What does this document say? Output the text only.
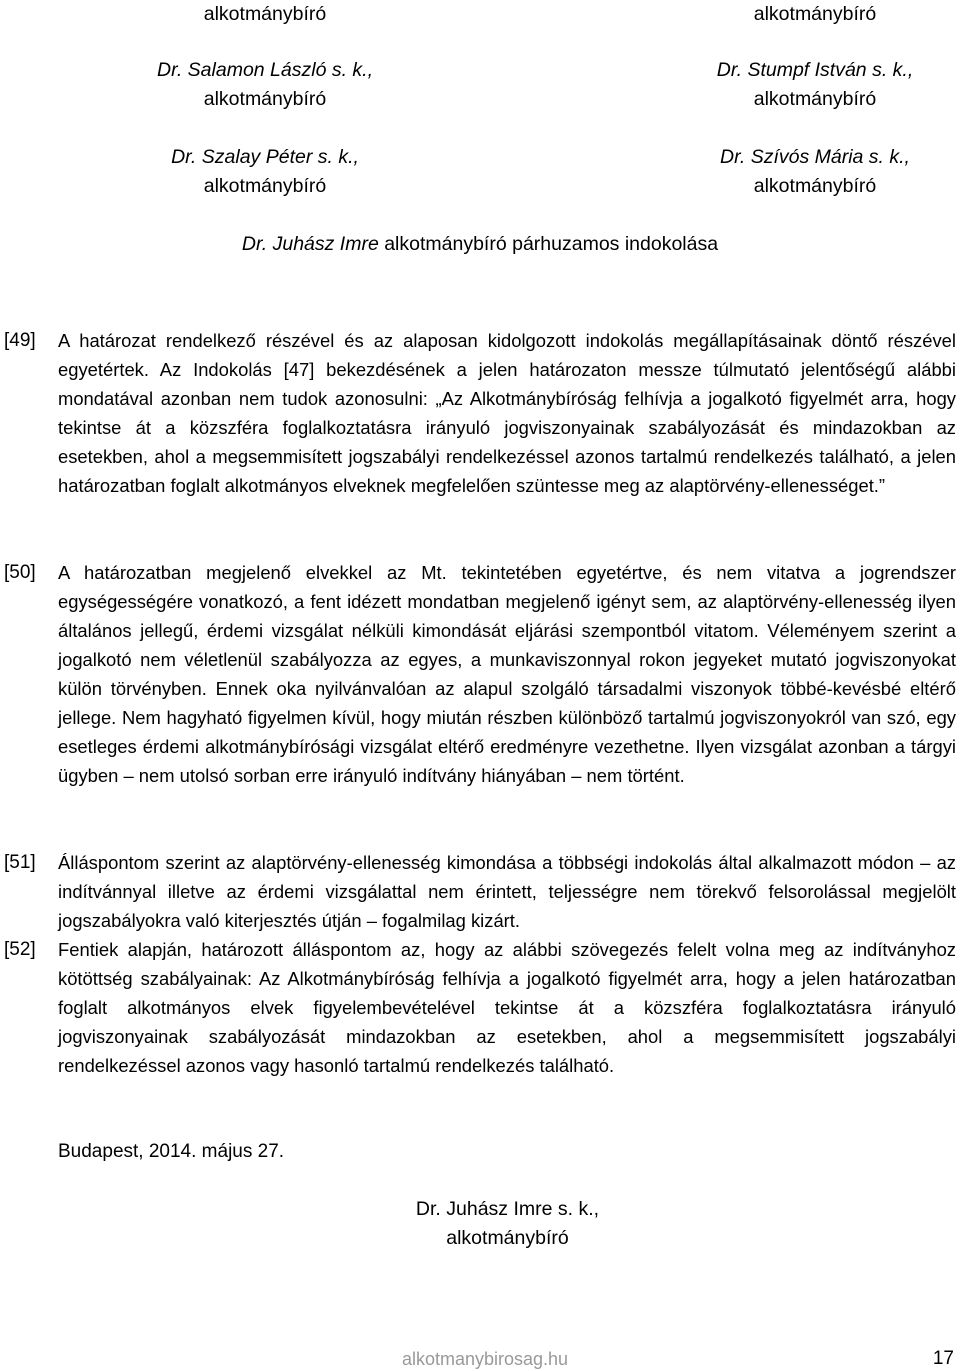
alkotmánybíró	alkotmánybíró
Dr. Salamon László s. k.,
alkotmánybíró
Dr. Stumpf István s. k.,
alkotmánybíró
Dr. Szalay Péter s. k.,
alkotmánybíró
Dr. Szívós Mária s. k.,
alkotmánybíró
Dr. Juhász Imre alkotmánybíró párhuzamos indokolása
[49]	A határozat rendelkező részével és az alaposan kidolgozott indokolás megállapításainak döntő részével egyetértek. Az Indokolás [47] bekezdésének a jelen határozaton messze túlmutató jelentőségű alábbi mondatával azonban nem tudok azonosulni: „Az Alkotmánybíróság felhívja a jogalkotó figyelmét arra, hogy tekintse át a közszféra foglalkoztatásra irányuló jogviszonyainak szabályozását és mindazokban az esetekben, ahol a megsemmisített jogszabályi rendelkezéssel azonos tartalmú rendelkezés található, a jelen határozatban foglalt alkotmányos elveknek megfelelően szüntesse meg az alaptörvény-ellenességet.”
[50]	A határozatban megjelenő elvekkel az Mt. tekintetében egyetértve, és nem vitatva a jogrendszer egységességére vonatkozó, a fent idézett mondatban megjelenő igényt sem, az alaptörvény-ellenesség ilyen általános jellegű, érdemi vizsgálat nélküli kimondását eljárási szempontból vitatom. Véleményem szerint a jogalkotó nem véletlenül szabályozza az egyes, a munkaviszonnyal rokon jegyeket mutató jogviszonyokat külön törvényben. Ennek oka nyilvánvalóan az alapul szolgáló társadalmi viszonyok többé-kevésbé eltérő jellege. Nem hagyható figyelmen kívül, hogy miután részben különböző tartalmú jogviszonyokról van szó, egy esetleges érdemi alkotmánybírósági vizsgálat eltérő eredményre vezethetne. Ilyen vizsgálat azonban a tárgyi ügyben – nem utolsó sorban erre irányuló indítvány hiányában – nem történt.
[51]	Álláspontom szerint az alaptörvény-ellenesség kimondása a többségi indokolás által alkalmazott módon – az indítvánnyal illetve az érdemi vizsgálattal nem érintett, teljességre nem törekvő felsorolással megjelölt jogszabályokra való kiterjesztés útján – fogalmilag kizárt.
[52]	Fentiek alapján, határozott álláspontom az, hogy az alábbi szövegezés felelt volna meg az indítványhoz kötöttség szabályainak: Az Alkotmánybíróság felhívja a jogalkotó figyelmét arra, hogy a jelen határozatban foglalt alkotmányos elvek figyelembevételével tekintse át a közszféra foglalkoztatásra irányuló jogviszonyainak szabályozását mindazokban az esetekben, ahol a megsemmisített jogszabályi rendelkezéssel azonos vagy hasonló tartalmú rendelkezés található.
Budapest, 2014. május 27.
Dr. Juhász Imre s. k.,
alkotmánybíró
alkotmanybirosag.hu	17
